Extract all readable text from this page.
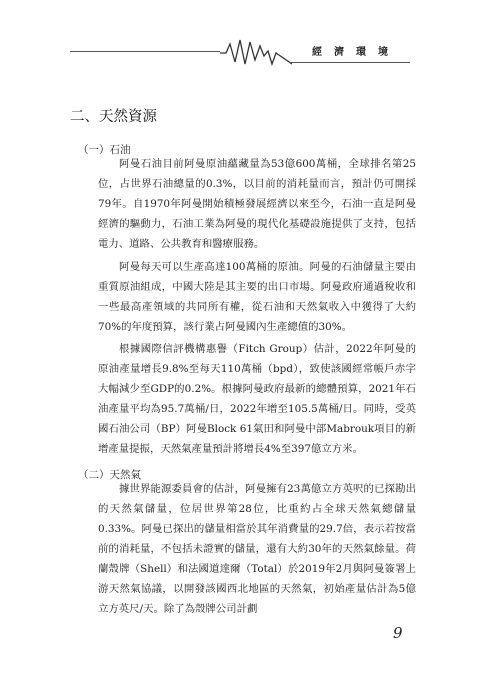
經濟環境
二、天然資源
（一）石油

阿曼石油目前阿曼原油蘊藏量為53億600萬桶，全球排名第25位，占世界石油總量的0.3%，以目前的消耗量而言，預計仍可開採79年。自1970年阿曼開始積極發展經濟以來至今，石油一直是阿曼經濟的驅動力，石油工業為阿曼的現代化基礎設施提供了支持，包括電力、道路、公共教育和醫療服務。

阿曼每天可以生產高達100萬桶的原油。阿曼的石油儲量主要由重質原油組成，中國大陸是其主要的出口市場。阿曼政府通過稅收和一些最高產領域的共同所有權，從石油和天然氣收入中獲得了大約70%的年度預算，該行業占阿曼國內生產總值的30%。

根據國際信評機構惠譽（Fitch Group）估計，2022年阿曼的原油產量增長9.8%至每天110萬桶（bpd），致使該國經常帳戶赤字大幅減少至GDP的0.2%。根據阿曼政府最新的總體預算，2021年石油產量平均為95.7萬桶/日，2022年增至105.5萬桶/日。同時，受英國石油公司（BP）阿曼Block 61氣田和阿曼中部Mabrouk項目的新增產量提振，天然氣產量預計將增長4%至397億立方米。

（二）天然氣

據世界能源委員會的估計，阿曼擁有23萬億立方英呎的已探勘出的天然氣儲量，位居世界第28位，比重約占全球天然氣總儲量0.33%。阿曼已探出的儲量相當於其年消費量的29.7倍，表示若按當前的消耗量，不包括未證實的儲量，還有大約30年的天然氣餘量。荷蘭殼牌（Shell）和法國道達爾（Total）於2019年2月與阿曼簽署上游天然氣協議，以開發該國西北地區的天然氣，初始產量估計為5億立方英尺/天。除了為殼牌公司計劃

9
